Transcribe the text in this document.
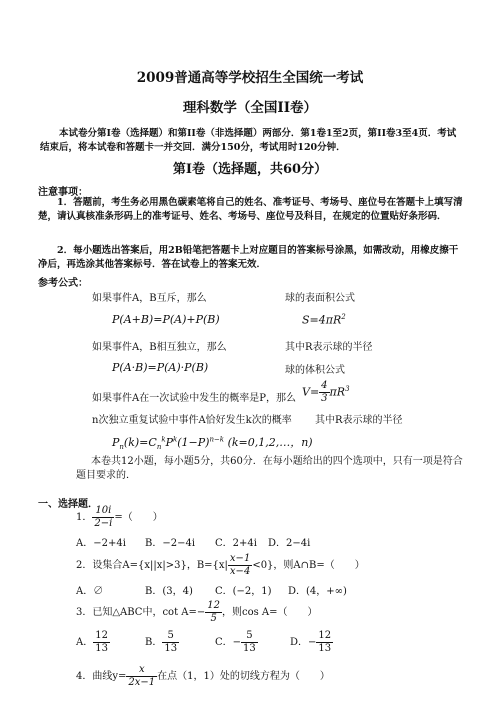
2009普通高等学校招生全国统一考试
理科数学（全国II卷）
本试卷分第I卷（选择题）和第II卷（非选择题）两部分．第1卷1至2页，第II卷3至4页．考试结束后，将本试卷和答题卡一并交回．满分150分，考试用时120分钟．
第I卷（选择题，共60分）
注意事项：
1．答题前，考生务必用黑色碳素笔将自己的姓名、准考证号、考场号、座位号在答题卡上填写清楚，请认真核准条形码上的准考证号、姓名、考场号、座位号及科目，在规定的位置贴好条形码．
2．每小题选出答案后，用2B铅笔把答题卡上对应题目的答案标号涂黑，如需改动，用橡皮擦干净后，再选涂其他答案标号．答在试卷上的答案无效．
参考公式：
如果事件A，B互斥，那么
P(A+B)=P(A)+P(B)
如果事件A，B相互独立，那么
P(A·B)=P(A)·P(B)
如果事件A在一次试验中发生的概率是P，那么
n次独立重复试验中事件A恰好发生k次的概率
$P_n(k)=C_n^kP^k(1-P)^{n-k}$ (k=0,1,2,…，n)
球的表面积公式
$S=4\pi R^2$
其中R表示球的半径
球的体积公式
$V= \frac{4}{3} \pi R^3$
其中R表示球的半径
本卷共12小题，每小题5分，共60分．在每小题给出的四个选项中，只有一项是符合题目要求的．
一、选择题．
1． $\frac{10i}{2-i}$ =（　　）
A．−2+4i B．−2−4i C．2+4i D．2−4i
2．设集合A={x||x|>3}，$B=\{x| \frac{x-1}{x-4} <0\}$，则A∩B=（　　）
A．∅	B．(3，4) C．(−2，1) D．(4，+∞)
3．已知△ABC中，$\cot A=- \frac{12}{5}$ ，则cos A=（　　）
A． $\frac{12}{13}$	B． $\frac{5}{13}$	C．− $\frac{5}{13}$	D．− $\frac{12}{13}$
4．曲线$y= \frac{x}{2x-1}$ 在点（1，1）处的切线方程为（　　）
